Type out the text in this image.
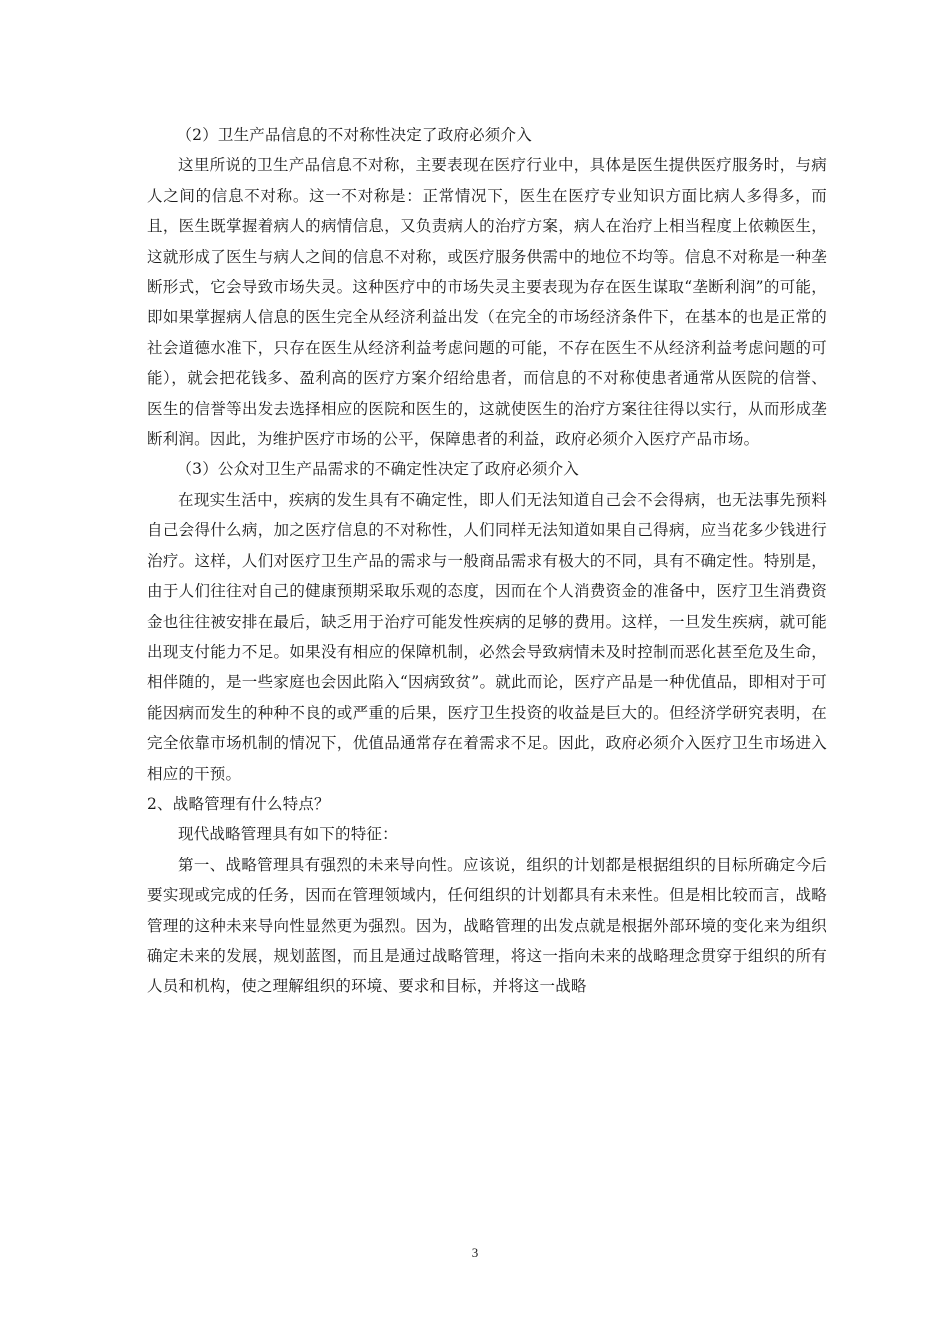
（2）卫生产品信息的不对称性决定了政府必须介入

这里所说的卫生产品信息不对称，主要表现在医疗行业中，具体是医生提供医疗服务时，与病人之间的信息不对称。这一不对称是：正常情况下，医生在医疗专业知识方面比病人多得多，而且，医生既掌握着病人的病情信息，又负责病人的治疗方案，病人在治疗上相当程度上依赖医生，这就形成了医生与病人之间的信息不对称，或医疗服务供需中的地位不均等。信息不对称是一种垄断形式，它会导致市场失灵。这种医疗中的市场失灵主要表现为存在医生谋取“垄断利润”的可能，即如果掌握病人信息的医生完全从经济利益出发（在完全的市场经济条件下，在基本的也是正常的社会道德水准下，只存在医生从经济利益考虑问题的可能，不存在医生不从经济利益考虑问题的可能），就会把花钱多、盈利高的医疗方案介绍给患者，而信息的不对称使患者通常从医院的信誉、医生的信誉等出发去选择相应的医院和医生的，这就使医生的治疗方案往往得以实行，从而形成垄断利润。因此，为维护医疗市场的公平，保障患者的利益，政府必须介入医疗产品市场。

（3）公众对卫生产品需求的不确定性决定了政府必须介入

在现实生活中，疾病的发生具有不确定性，即人们无法知道自己会不会得病，也无法事先预料自己会得什么病，加之医疗信息的不对称性，人们同样无法知道如果自己得病，应当花多少钱进行治疗。这样，人们对医疗卫生产品的需求与一般商品需求有极大的不同，具有不确定性。特别是，由于人们往往对自己的健康预期采取乐观的态度，因而在个人消费资金的准备中，医疗卫生消费资金也往往被安排在最后，缺乏用于治疗可能发性疾病的足够的费用。这样，一旦发生疾病，就可能出现支付能力不足。如果没有相应的保障机制，必然会导致病情未及时控制而恶化甚至危及生命，相伴随的，是一些家庭也会因此陷入“因病致贫”。就此而论，医疗产品是一种优值品，即相对于可能因病而发生的种种不良的或严重的后果，医疗卫生投资的收益是巨大的。但经济学研究表明，在完全依靠市场机制的情况下，优值品通常存在着需求不足。因此，政府必须介入医疗卫生市场进入相应的干预。

2、战略管理有什么特点？

现代战略管理具有如下的特征：

第一、战略管理具有强烈的未来导向性。应该说，组织的计划都是根据组织的目标所确定今后要实现或完成的任务，因而在管理领域内，任何组织的计划都具有未来性。但是相比较而言，战略管理的这种未来导向性显然更为强烈。因为，战略管理的出发点就是根据外部环境的变化来为组织确定未来的发展，规划蓝图，而且是通过战略管理，将这一指向未来的战略理念贯穿于组织的所有人员和机构，使之理解组织的环境、要求和目标，并将这一战略

3
